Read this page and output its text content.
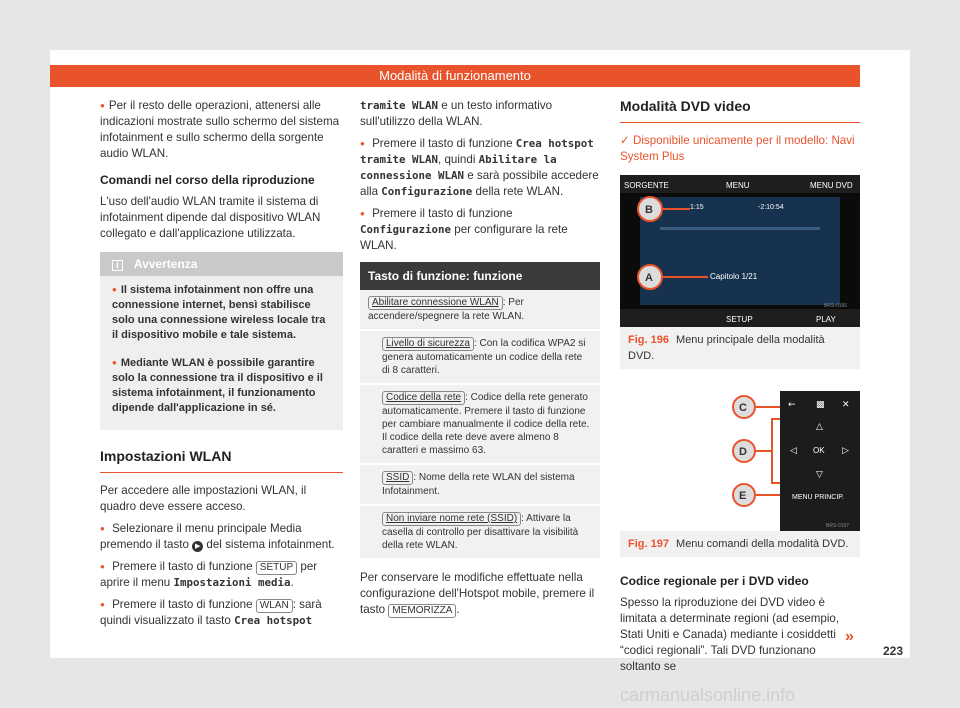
Modalità di funzionamento

● Per il resto delle operazioni, attenersi alle indicazioni mostrate sullo schermo del sistema infotainment e sullo schermo della sorgente audio WLAN.

Comandi nel corso della riproduzione

L'uso dell'audio WLAN tramite il sistema di infotainment dipende dal dispositivo WLAN collegato e dall'applicazione utilizzata.

i Avvertenza

● Il sistema infotainment non offre una connessione internet, bensì stabilisce solo una connessione wireless locale tra il dispositivo mobile e tale sistema.

● Mediante WLAN è possibile garantire solo la connessione tra il dispositivo e il sistema infotainment, il funzionamento dipende dall'applicazione in sé.

Impostazioni WLAN

Per accedere alle impostazioni WLAN, il quadro deve essere acceso.

● Selezionare il menu principale Media premendo il tasto ▶ del sistema infotainment.

● Premere il tasto di funzione SETUP per aprire il menu Impostazioni media.

● Premere il tasto di funzione WLAN : sarà quindi visualizzato il tasto Crea hotspot

tramite WLAN e un testo informativo sull'utilizzo della WLAN.

● Premere il tasto di funzione Crea hotspot tramite WLAN, quindi Abilitare la connessione WLAN e sarà possibile accedere alla Configurazione della rete WLAN.

● Premere il tasto di funzione Configurazione per configurare la rete WLAN.

Tasto di funzione: funzione
Abilitare connessione WLAN : Per accendere/spegnere la rete WLAN.
Livello di sicurezza : Con la codifica WPA2 si genera automaticamente un codice della rete di 8 caratteri.
Codice della rete : Codice della rete generato automaticamente. Premere il tasto di funzione per cambiare manualmente il codice della rete. Il codice della rete deve avere almeno 8 caratteri e massimo 63.
SSID : Nome della rete WLAN del sistema Infotainment.
Non inviare nome rete (SSID) : Attivare la casella di controllo per disattivare la visibilità della rete WLAN.

Per conservare le modifiche effettuate nella configurazione dell'Hotspot mobile, premere il tasto MEMORIZZA .

Modalità DVD video

✓ Disponibile unicamente per il modello: Navi System Plus

SORGENTE	MENU	MENU DVD
1:15	-2:10:54
Capitolo 1/21
SETUP	PLAY
B
A
BRS-0166
Fig. 196 Menu principale della modalità DVD.
C
D
E
← ▩ ✕
△
◁ OK ▷
▽
MENU PRINCIP.
BRS-0167
Fig. 197 Menu comandi della modalità DVD.

Codice regionale per i DVD video

Spesso la riproduzione dei DVD video è limitata a determinate regioni (ad esempio, Stati Uniti e Canada) mediante i cosiddetti “codici regionali”. Tali DVD funzionano soltanto se

»
223
carmanualsonline.info
